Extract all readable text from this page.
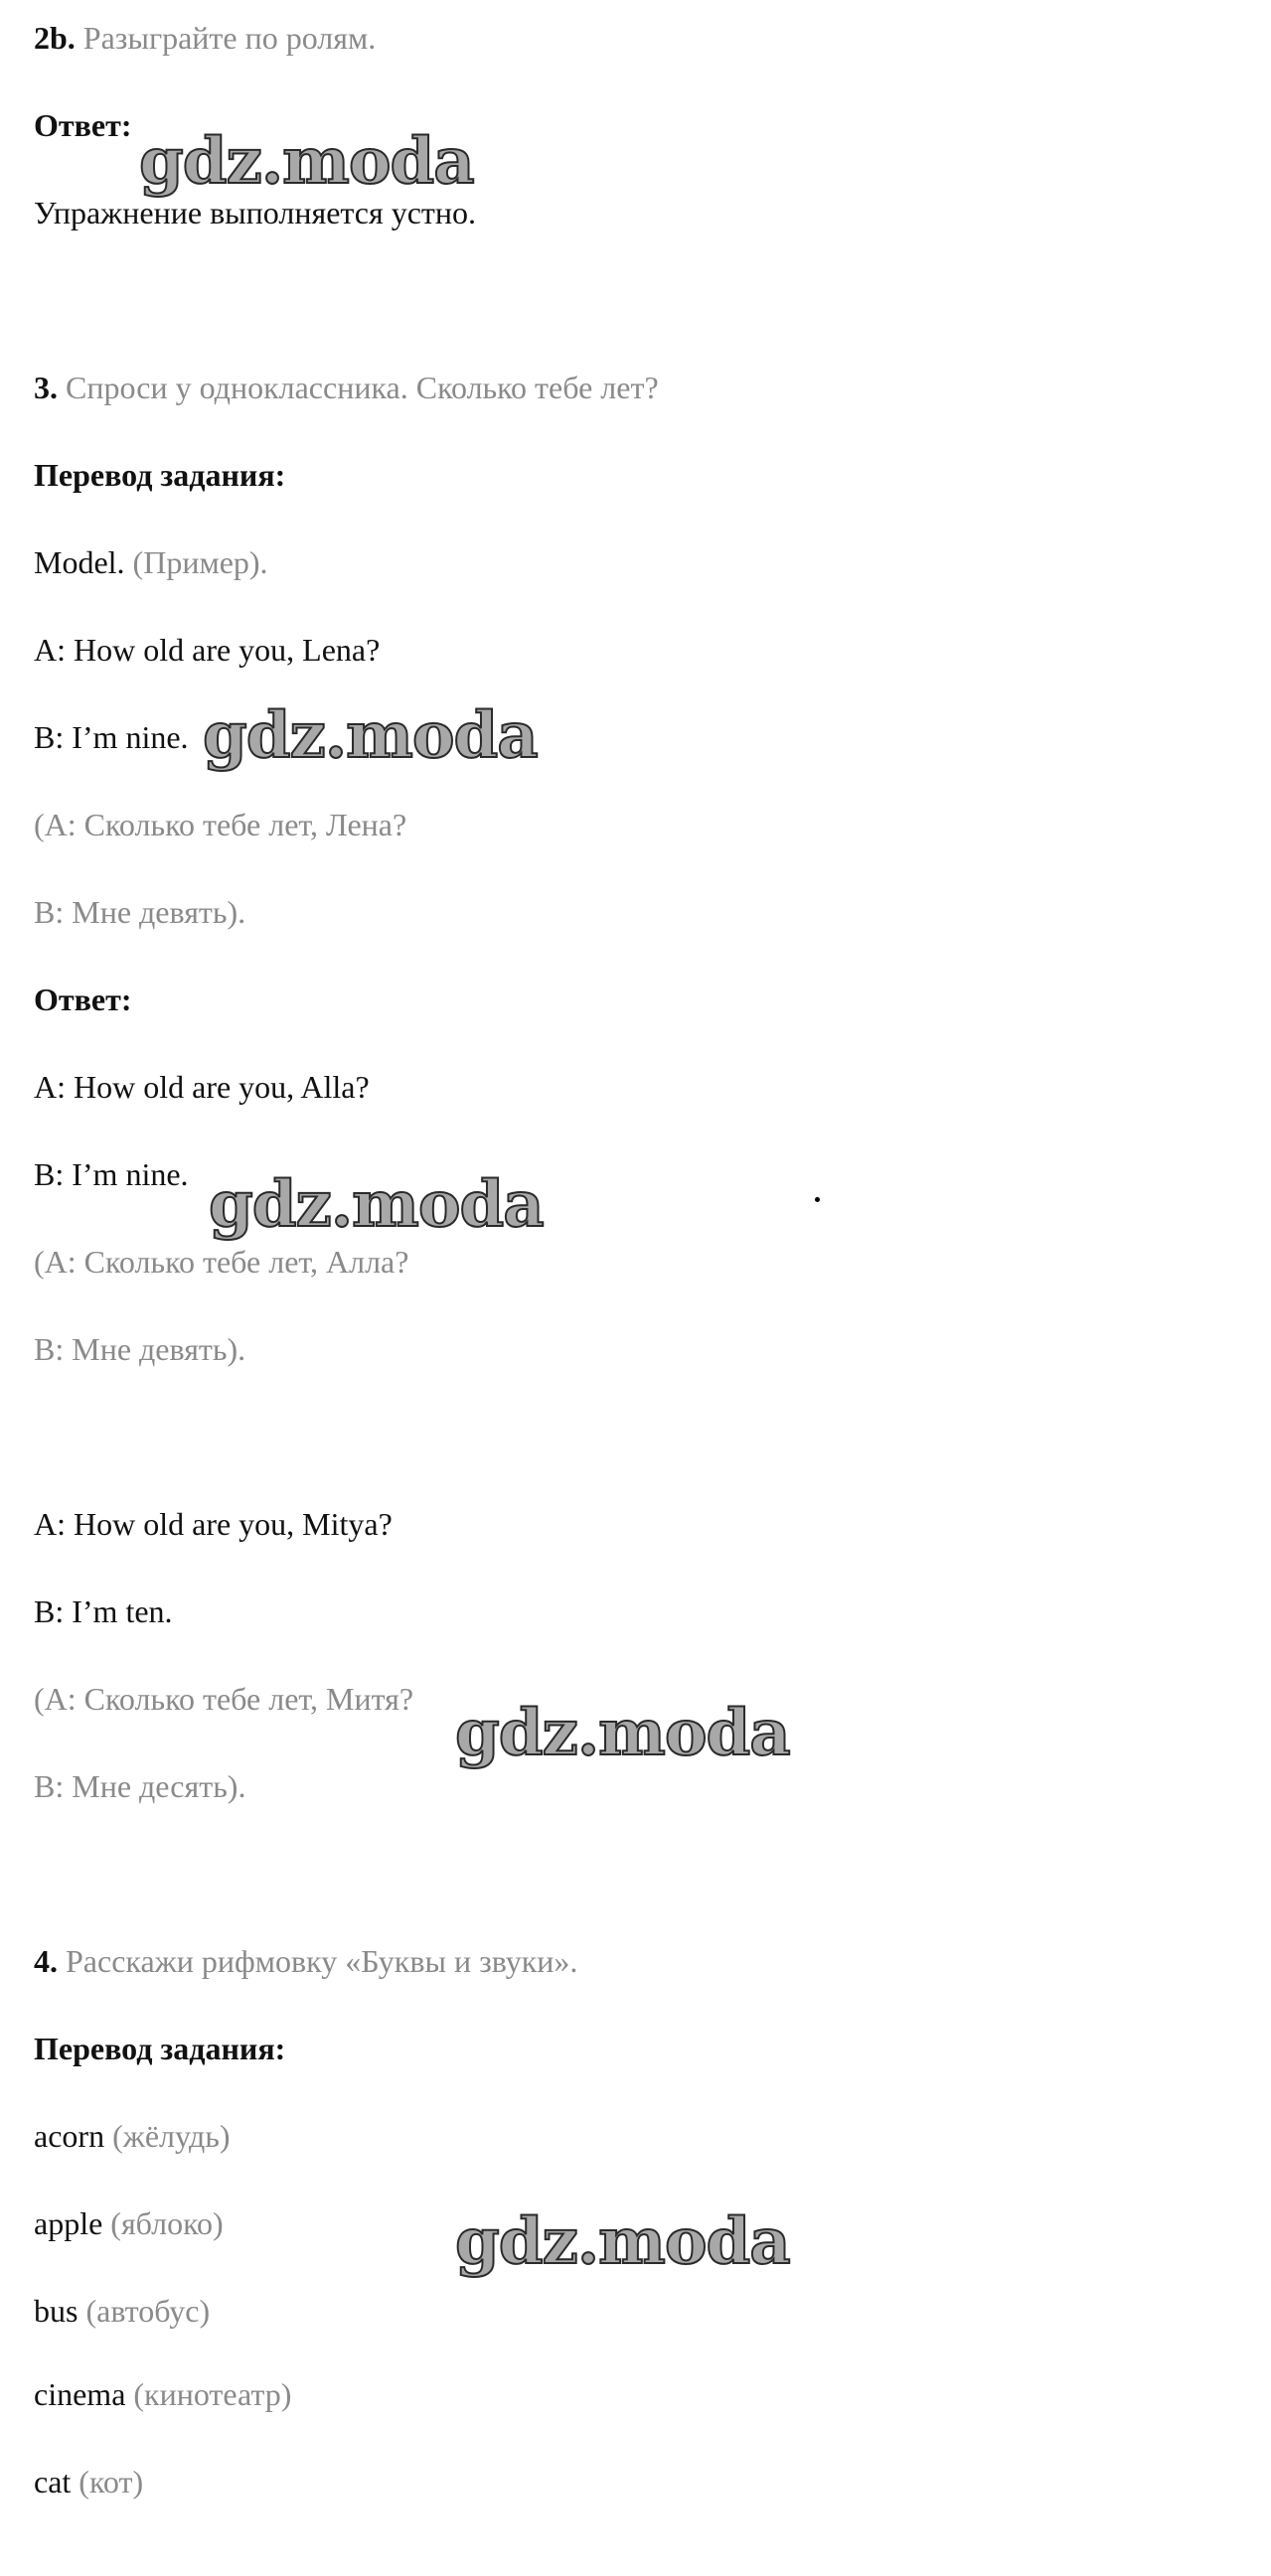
2b. Разыграйте по ролям.
Ответ:
Упражнение выполняется устно.
3. Спроси у одноклассника. Сколько тебе лет?
Перевод задания:
Model. (Пример).
A: How old are you, Lena?
B: I’m nine.
(А: Сколько тебе лет, Лена?
В: Мне девять).
Ответ:
A: How old are you, Alla?
B: I’m nine.
(А: Сколько тебе лет, Алла?
В: Мне девять).
A: How old are you, Mitya?
B: I’m ten.
(А: Сколько тебе лет, Митя?
В: Мне десять).
4. Расскажи рифмовку «Буквы и звуки».
Перевод задания:
acorn (жёлудь)
apple (яблоко)
bus (автобус)
cinema (кинотеатр)
cat (кот)
gdz.moda
gdz.moda
gdz.moda
gdz.moda
gdz.moda
